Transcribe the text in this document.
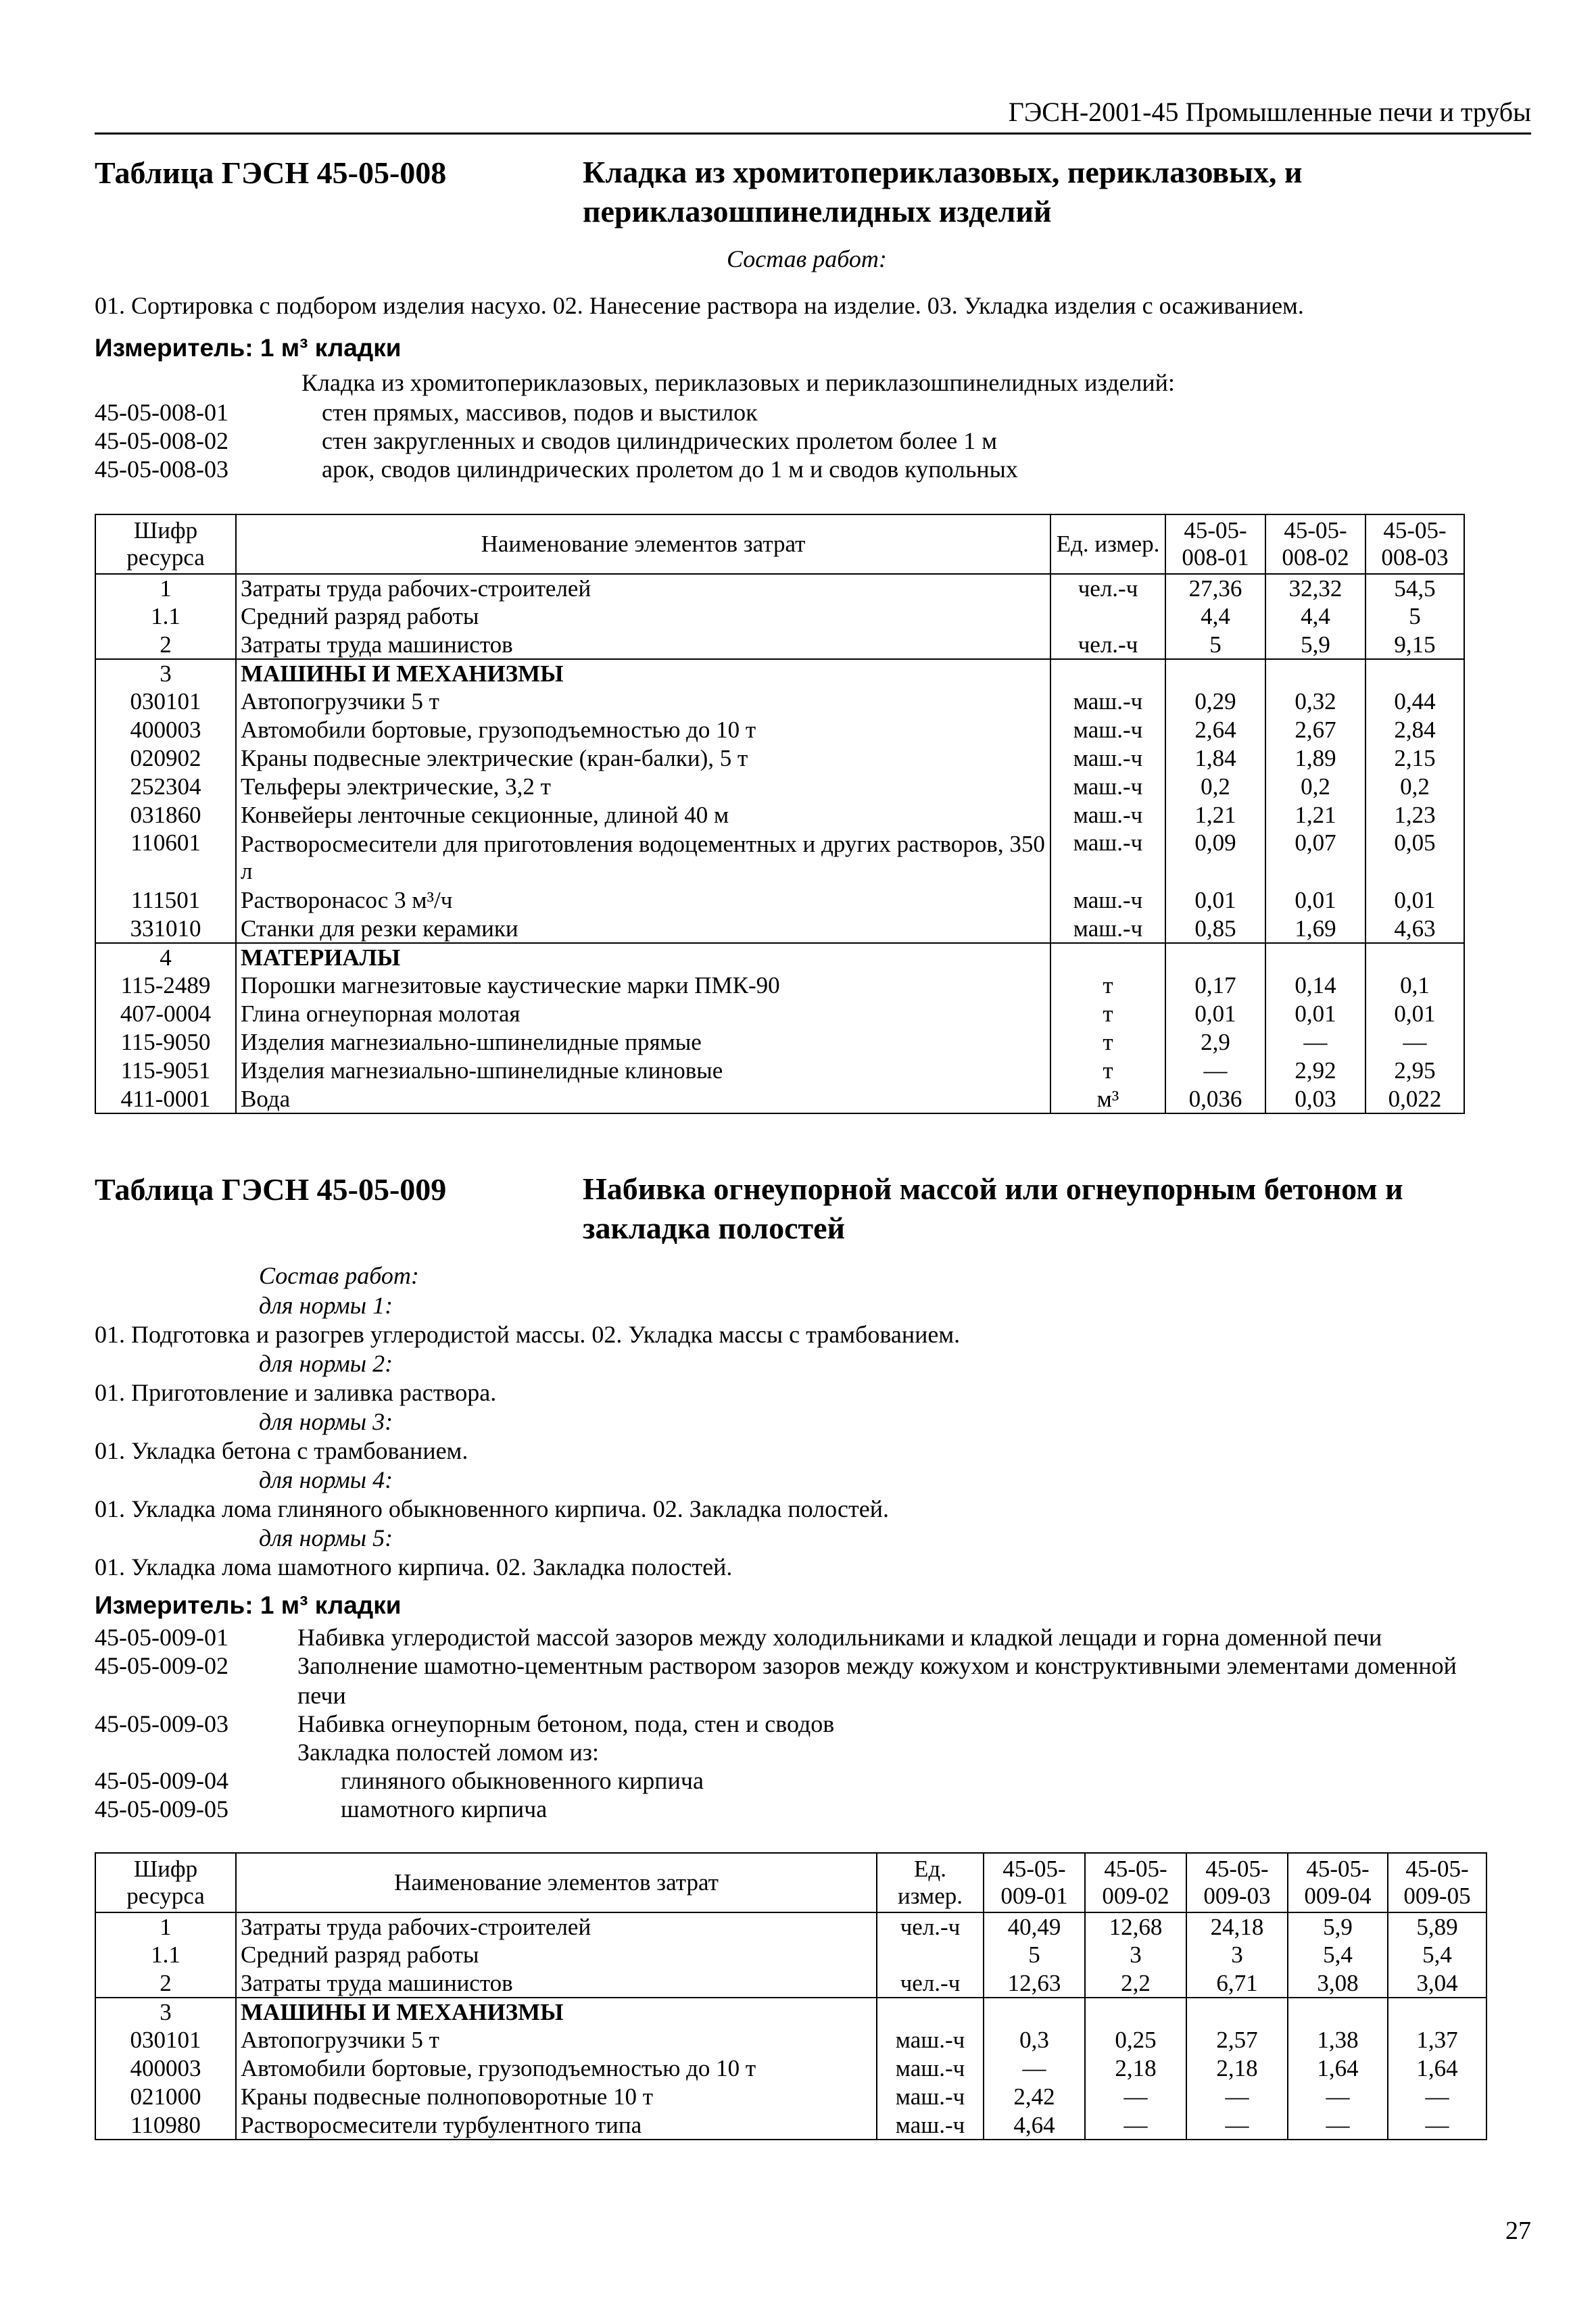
ГЭСН-2001-45 Промышленные печи и трубы
Таблица ГЭСН 45-05-008	Кладка из хромитопериклазовых, периклазовых, и периклазошпинелидных изделий
Состав работ:
01. Сортировка с подбором изделия насухо. 02. Нанесение раствора на изделие. 03. Укладка изделия с осаживанием.
Измеритель: 1 м³ кладки
Кладка из хромитопериклазовых, периклазовых и периклазошпинелидных изделий:
45-05-008-01	стен прямых, массивов, подов и выстилок
45-05-008-02	стен закругленных и сводов цилиндрических пролетом более 1 м
45-05-008-03	арок, сводов цилиндрических пролетом до 1 м и сводов купольных
Шифр ресурса	Наименование элементов затрат	Ед. измер.	45-05-008-01	45-05-008-02	45-05-008-03
1	Затраты труда рабочих-строителей	чел.-ч	27,36	32,32	54,5
1.1	Средний разряд работы		4,4	4,4	5
2	Затраты труда машинистов	чел.-ч	5	5,9	9,15
3	МАШИНЫ И МЕХАНИЗМЫ				
030101	Автопогрузчики 5 т	маш.-ч	0,29	0,32	0,44
400003	Автомобили бортовые, грузоподъемностью до 10 т	маш.-ч	2,64	2,67	2,84
020902	Краны подвесные электрические (кран-балки), 5 т	маш.-ч	1,84	1,89	2,15
252304	Тельферы электрические, 3,2 т	маш.-ч	0,2	0,2	0,2
031860	Конвейеры ленточные секционные, длиной 40 м	маш.-ч	1,21	1,21	1,23
110601	Растворосмесители для приготовления водоцементных и других растворов, 350 л	маш.-ч	0,09	0,07	0,05
111501	Растворонасос 3 м³/ч	маш.-ч	0,01	0,01	0,01
331010	Станки для резки керамики	маш.-ч	0,85	1,69	4,63
4	МАТЕРИАЛЫ				
115-2489	Порошки магнезитовые каустические марки ПМК-90	т	0,17	0,14	0,1
407-0004	Глина огнеупорная молотая	т	0,01	0,01	0,01
115-9050	Изделия магнезиально-шпинелидные прямые	т	2,9	—	—
115-9051	Изделия магнезиально-шпинелидные клиновые	т	—	2,92	2,95
411-0001	Вода	м³	0,036	0,03	0,022
Таблица ГЭСН 45-05-009	Набивка огнеупорной массой или огнеупорным бетоном и закладка полостей
Состав работ:
для нормы 1:
01. Подготовка и разогрев углеродистой массы. 02. Укладка массы с трамбованием.
для нормы 2:
01. Приготовление и заливка раствора.
для нормы 3:
01. Укладка бетона с трамбованием.
для нормы 4:
01. Укладка лома глиняного обыкновенного кирпича. 02. Закладка полостей.
для нормы 5:
01. Укладка лома шамотного кирпича. 02. Закладка полостей.
Измеритель: 1 м³ кладки
45-05-009-01	Набивка углеродистой массой зазоров между холодильниками и кладкой лещади и горна доменной печи
45-05-009-02	Заполнение шамотно-цементным раствором зазоров между кожухом и конструктивными элементами доменной печи
45-05-009-03	Набивка огнеупорным бетоном, пода, стен и сводов
Закладка полостей ломом из:
45-05-009-04	глиняного обыкновенного кирпича
45-05-009-05	шамотного кирпича
Шифр ресурса	Наименование элементов затрат	Ед. измер.	45-05-009-01	45-05-009-02	45-05-009-03	45-05-009-04	45-05-009-05
1	Затраты труда рабочих-строителей	чел.-ч	40,49	12,68	24,18	5,9	5,89
1.1	Средний разряд работы		5	3	3	5,4	5,4
2	Затраты труда машинистов	чел.-ч	12,63	2,2	6,71	3,08	3,04
3	МАШИНЫ И МЕХАНИЗМЫ						
030101	Автопогрузчики 5 т	маш.-ч	0,3	0,25	2,57	1,38	1,37
400003	Автомобили бортовые, грузоподъемностью до 10 т	маш.-ч	—	2,18	2,18	1,64	1,64
021000	Краны подвесные полноповоротные 10 т	маш.-ч	2,42	—	—	—	—
110980	Растворосмесители турбулентного типа	маш.-ч	4,64	—	—	—	—
27
